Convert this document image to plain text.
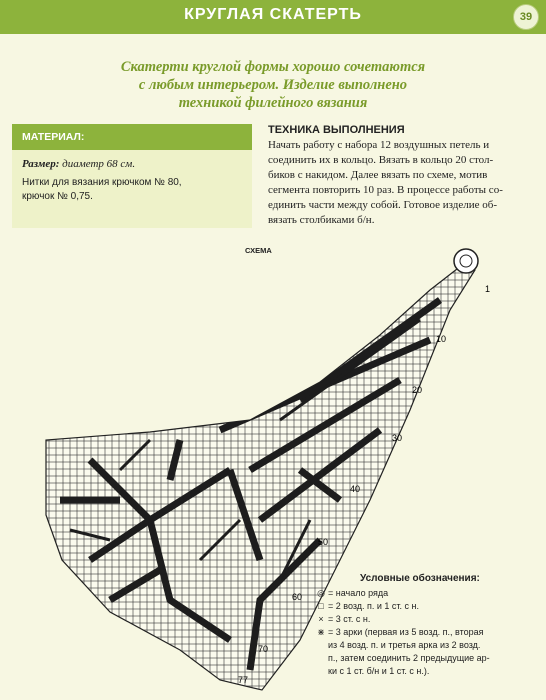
КРУГЛАЯ СКАТЕРТЬ	39
Скатерти круглой формы хорошо сочетаются
с любым интерьером. Изделие выполнено
техникой филейного вязания
МАТЕРИАЛ:
Размер: диаметр 68 см.
Нитки для вязания крючком № 80,
крючок № 0,75.
ТЕХНИКА ВЫПОЛНЕНИЯ
Начать работу с набора 12 воздушных петель и
соединить их в кольцо. Вязать в кольцо 20 стол-
биков с накидом. Далее вязать по схеме, мотив
сегмента повторить 10 раз. В процессе работы со-
единить части между собой. Готовое изделие об-
вязать столбиками б/н.
СХЕМА
1
10
20
30
40
50
60
70
77
Условные обозначения:
◎ = начало ряда
□ = 2 возд. п. и 1 ст. с н.
× = 3 ст. с н.
⋇ = 3 арки (первая из 5 возд. п., вторая
из 4 возд. п. и третья арка из 2 возд.
п., затем соединить 2 предыдущие ар-
ки с 1 ст. б/н и 1 ст. с н.).
